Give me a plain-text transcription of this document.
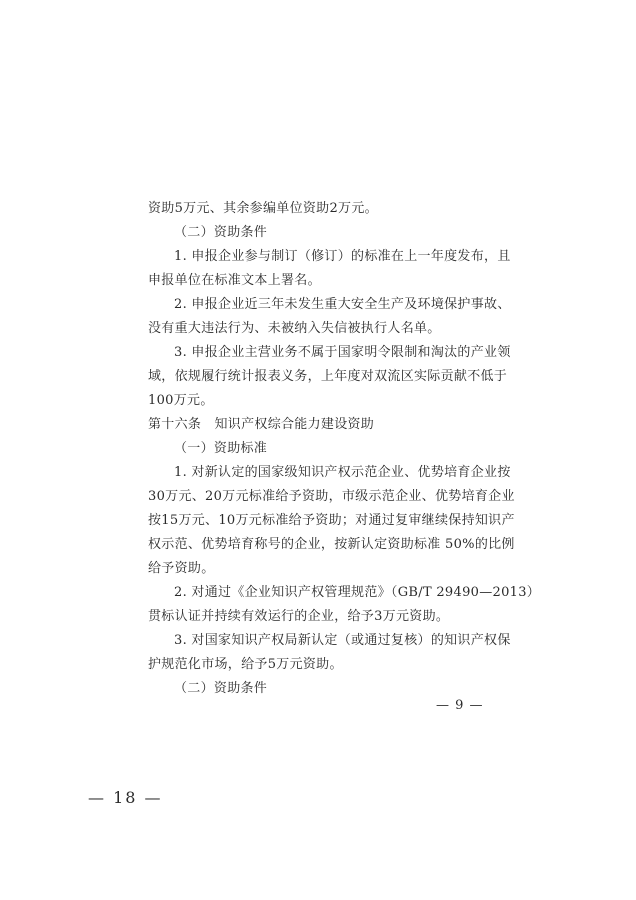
资助5万元、其余参编单位资助2万元。
（二）资助条件
1. 申报企业参与制订（修订）的标准在上一年度发布，且
申报单位在标准文本上署名。
2. 申报企业近三年未发生重大安全生产及环境保护事故、
没有重大违法行为、未被纳入失信被执行人名单。
3. 申报企业主营业务不属于国家明令限制和淘汰的产业领
域，依规履行统计报表义务，上年度对双流区实际贡献不低于
100万元。
第十六条　知识产权综合能力建设资助
（一）资助标准
1. 对新认定的国家级知识产权示范企业、优势培育企业按
30万元、20万元标准给予资助，市级示范企业、优势培育企业
按15万元、10万元标准给予资助；对通过复审继续保持知识产
权示范、优势培育称号的企业，按新认定资助标准 50%的比例
给予资助。
2. 对通过《企业知识产权管理规范》（GB/T 29490—2013）
贯标认证并持续有效运行的企业，给予3万元资助。
3. 对国家知识产权局新认定（或通过复核）的知识产权保
护规范化市场，给予5万元资助。
（二）资助条件
— 9 —
— 18 —
